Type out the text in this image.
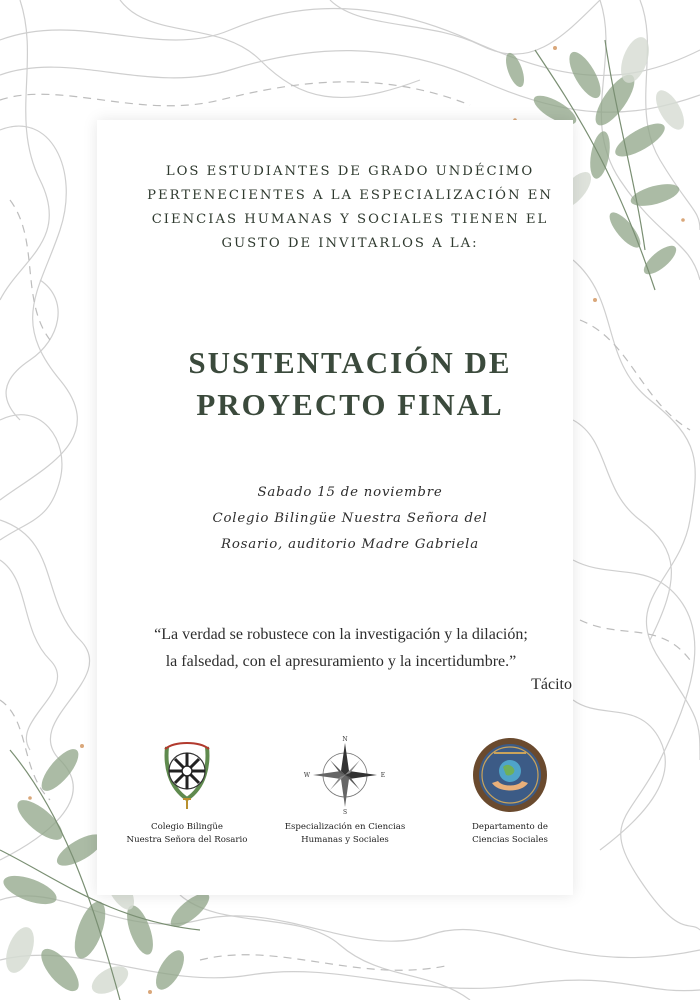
LOS ESTUDIANTES DE GRADO UNDÉCIMO
PERTENECIENTES A LA ESPECIALIZACIÓN EN
CIENCIAS HUMANAS Y SOCIALES TIENEN EL
GUSTO DE INVITARLOS A LA:
SUSTENTACIÓN DE
PROYECTO FINAL
Sabado 15 de noviembre
Colegio Bilingüe Nuestra Señora del
Rosario, auditorio Madre Gabriela
“La verdad se robustece con la investigación y la dilación;
la falsedad, con el apresuramiento y la incertidumbre.”
Tácito
Colegio Bilingüe
Nuestra Señora del Rosario
N
S
E
W
Especialización en Ciencias
Humanas y Sociales
Departamento de
Ciencias Sociales
